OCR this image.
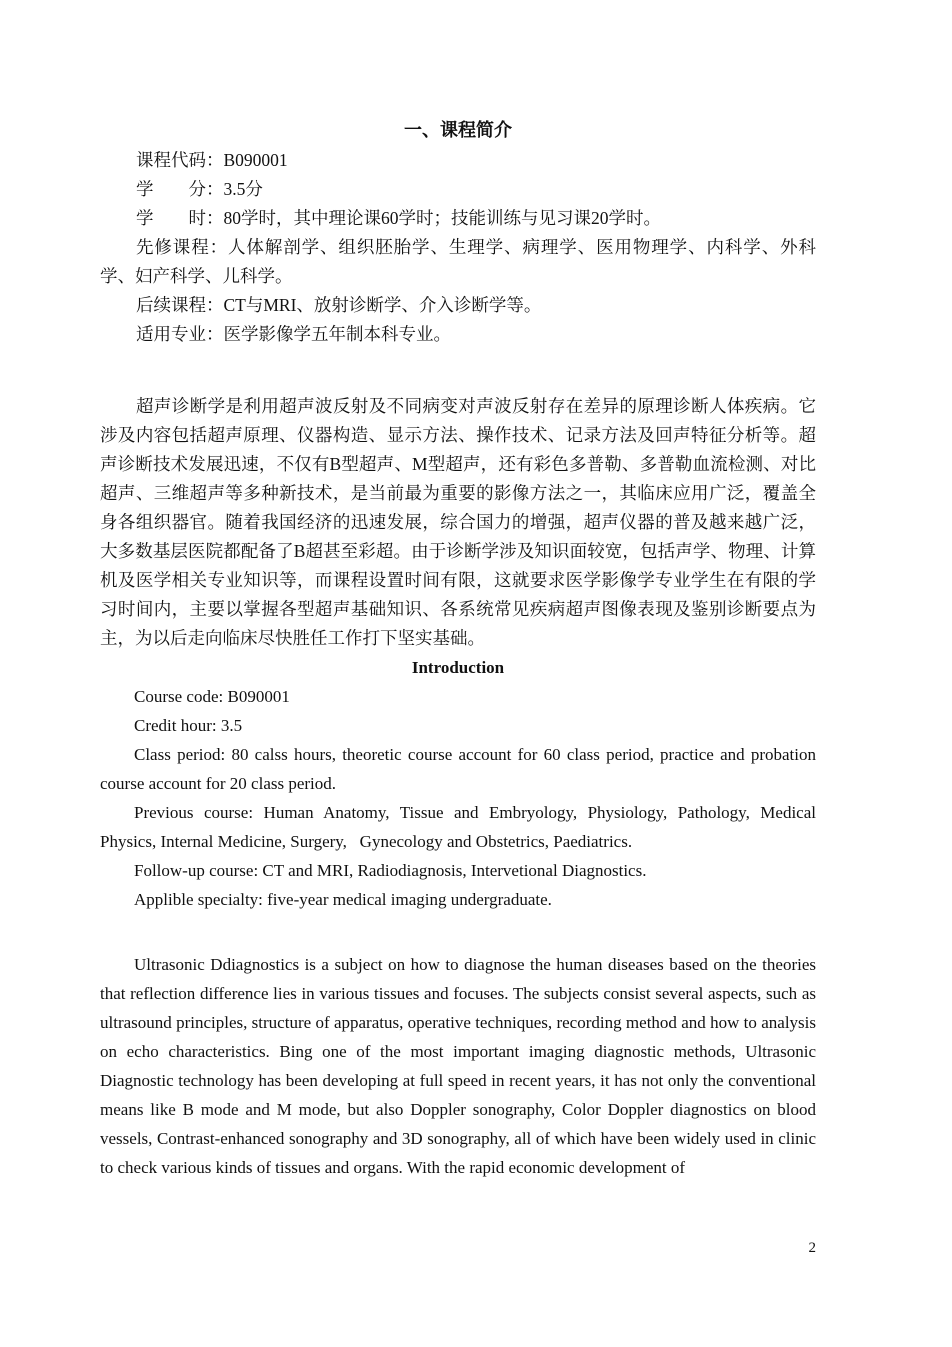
一、课程简介

课程代码：B090001

学　　分：3.5分

学　　时：80学时，其中理论课60学时；技能训练与见习课20学时。

先修课程：人体解剖学、组织胚胎学、生理学、病理学、医用物理学、内科学、外科学、妇产科学、儿科学。

后续课程：CT与MRI、放射诊断学、介入诊断学等。

适用专业：医学影像学五年制本科专业。

超声诊断学是利用超声波反射及不同病变对声波反射存在差异的原理诊断人体疾病。它涉及内容包括超声原理、仪器构造、显示方法、操作技术、记录方法及回声特征分析等。超声诊断技术发展迅速，不仅有B型超声、M型超声，还有彩色多普勒、多普勒血流检测、对比超声、三维超声等多种新技术，是当前最为重要的影像方法之一，其临床应用广泛，覆盖全身各组织器官。随着我国经济的迅速发展，综合国力的增强，超声仪器的普及越来越广泛，大多数基层医院都配备了B超甚至彩超。由于诊断学涉及知识面较宽，包括声学、物理、计算机及医学相关专业知识等，而课程设置时间有限，这就要求医学影像学专业学生在有限的学习时间内，主要以掌握各型超声基础知识、各系统常见疾病超声图像表现及鉴别诊断要点为主，为以后走向临床尽快胜任工作打下坚实基础。

Introduction

Course code: B090001

Credit hour: 3.5

Class period: 80 calss hours, theoretic course account for 60 class period, practice and probation course account for 20 class period.

Previous course: Human Anatomy, Tissue and Embryology, Physiology, Pathology, Medical Physics, Internal Medicine, Surgery,   Gynecology and Obstetrics, Paediatrics.

Follow-up course: CT and MRI, Radiodiagnosis, Intervetional Diagnostics.

Applible specialty: five-year medical imaging undergraduate.

Ultrasonic Ddiagnostics is a subject on how to diagnose the human diseases based on the theories that reflection difference lies in various tissues and focuses. The subjects consist several aspects, such as ultrasound principles, structure of apparatus, operative techniques, recording method and how to analysis on echo characteristics. Bing one of the most important imaging diagnostic methods, Ultrasonic Diagnostic technology has been developing at full speed in recent years, it has not only the conventional means like B mode and M mode, but also Doppler sonography, Color Doppler diagnostics on blood vessels, Contrast-enhanced sonography and 3D sonography, all of which have been widely used in clinic to check various kinds of tissues and organs. With the rapid economic development of

2
